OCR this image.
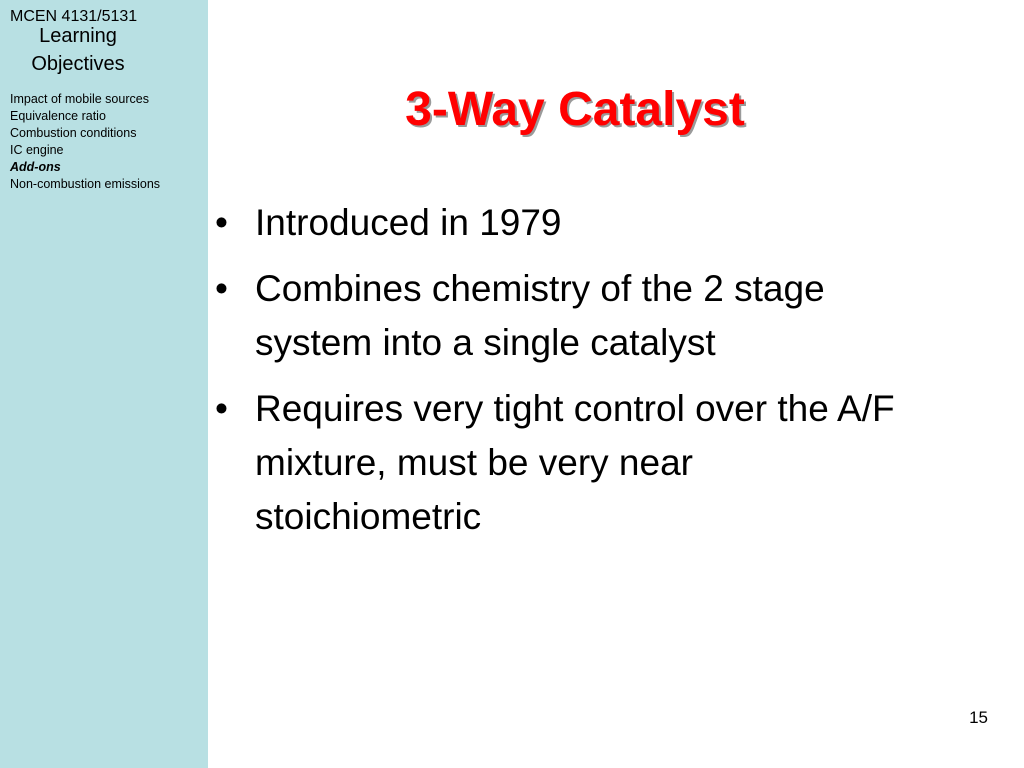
MCEN 4131/5131
Learning
Objectives
Impact of mobile sources
Equivalence ratio
Combustion conditions
IC engine
Add-ons
Non-combustion emissions
3-Way Catalyst
• Introduced in 1979
• Combines chemistry of the 2 stage system into a single catalyst
• Requires very tight control over the A/F mixture, must be very near stoichiometric
15
